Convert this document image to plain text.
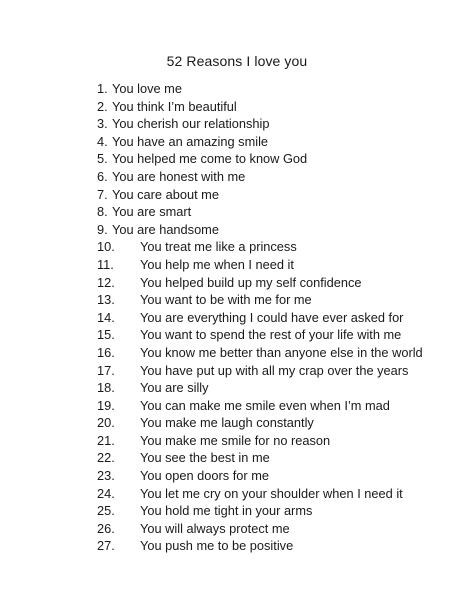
52 Reasons I love you
1. You love me
2. You think I’m beautiful
3. You cherish our relationship
4. You have an amazing smile
5. You helped me come to know God
6. You are honest with me
7. You care about me
8. You are smart
9. You are handsome
10. You treat me like a princess
11. You help me when I need it
12. You helped build up my self confidence
13. You want to be with me for me
14. You are everything I could have ever asked for
15. You want to spend the rest of your life with me
16. You know me better than anyone else in the world
17. You have put up with all my crap over the years
18. You are silly
19. You can make me smile even when I’m mad
20. You make me laugh constantly
21. You make me smile for no reason
22. You see the best in me
23. You open doors for me
24. You let me cry on your shoulder when I need it
25. You hold me tight in your arms
26. You will always protect me
27. You push me to be positive
